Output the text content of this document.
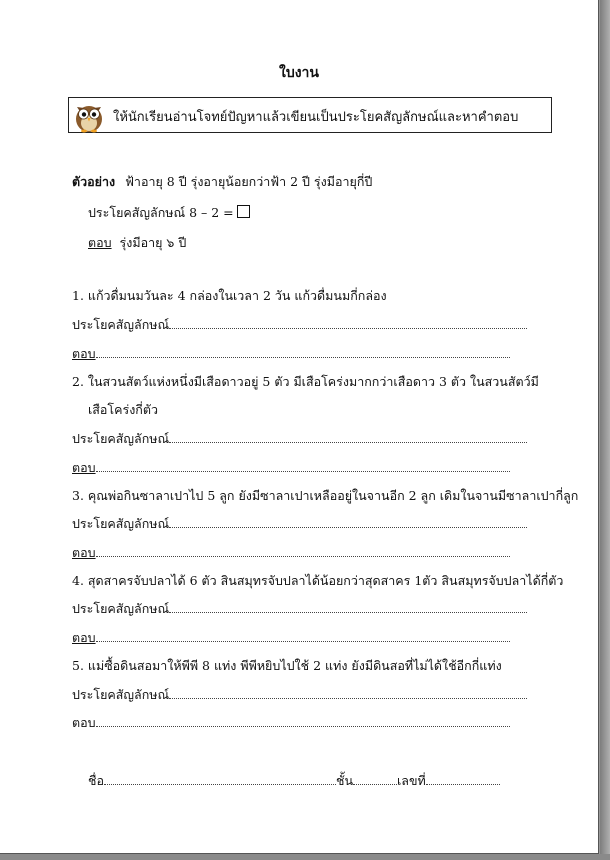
ใบงาน
ให้นักเรียนอ่านโจทย์ปัญหาแล้วเขียนเป็นประโยคสัญลักษณ์และหาคำตอบ
ตัวอย่าง ฟ้าอายุ 8 ปี รุ่งอายุน้อยกว่าฟ้า 2 ปี รุ่งมีอายุกี่ปี
ประโยคสัญลักษณ์ 8 – 2 =
ตอบ รุ่งมีอายุ ๖ ปี
1. แก้วดื่มนมวันละ 4 กล่องในเวลา 2 วัน แก้วดื่มนมกี่กล่อง
ประโยคสัญลักษณ์
ตอบ
2. ในสวนสัตว์แห่งหนึ่งมีเสือดาวอยู่ 5 ตัว มีเสือโคร่งมากกว่าเสือดาว 3 ตัว ในสวนสัตว์มี
เสือโคร่งกี่ตัว
ประโยคสัญลักษณ์
ตอบ
3. คุณพ่อกินซาลาเปาไป 5 ลูก ยังมีซาลาเปาเหลืออยู่ในจานอีก 2 ลูก เดิมในจานมีซาลาเปากี่ลูก
ประโยคสัญลักษณ์
ตอบ
4. สุดสาครจับปลาได้ 6 ตัว สินสมุทรจับปลาได้น้อยกว่าสุดสาคร 1ตัว สินสมุทรจับปลาได้กี่ตัว
ประโยคสัญลักษณ์
ตอบ
5. แม่ซื้อดินสอมาให้พีพี 8 แท่ง พีพีหยิบไปใช้ 2 แท่ง ยังมีดินสอที่ไม่ได้ใช้อีกกี่แท่ง
ประโยคสัญลักษณ์
ตอบ
ชื่อ	ชั้น	เลขที่
